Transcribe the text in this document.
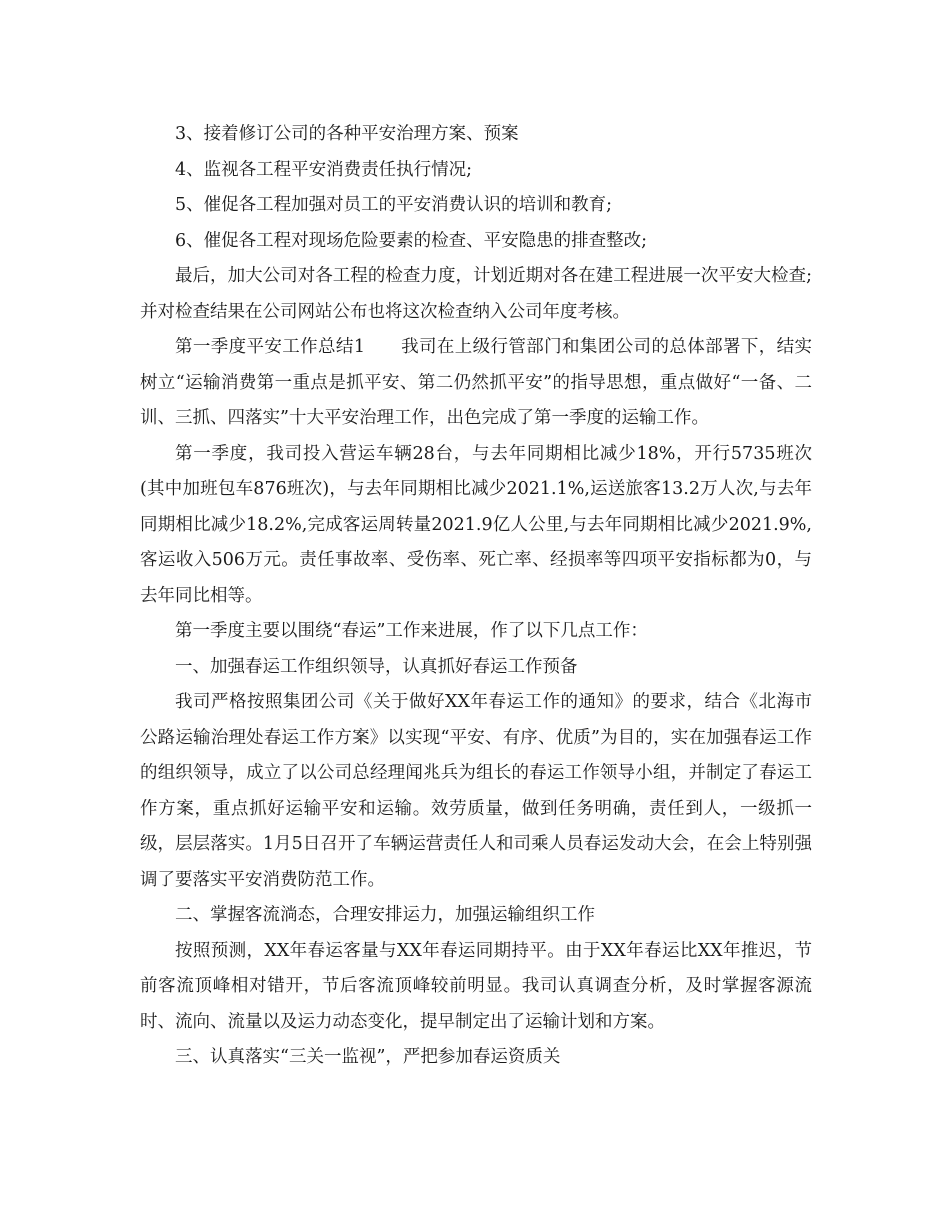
3、接着修订公司的各种平安治理方案、预案

4、监视各工程平安消费责任执行情况;

5、催促各工程加强对员工的平安消费认识的培训和教育;

6、催促各工程对现场危险要素的检查、平安隐患的排查整改;

最后，加大公司对各工程的检查力度，计划近期对各在建工程进展一次平安大检查;并对检查结果在公司网站公布也将这次检查纳入公司年度考核。

第一季度平安工作总结1　　我司在上级行管部门和集团公司的总体部署下，结实树立“运输消费第一重点是抓平安、第二仍然抓平安”的指导思想，重点做好“一备、二训、三抓、四落实”十大平安治理工作，出色完成了第一季度的运输工作。

第一季度，我司投入营运车辆28台，与去年同期相比减少18%，开行5735班次(其中加班包车876班次)，与去年同期相比减少2021.1%,运送旅客13.2万人次,与去年同期相比减少18.2%,完成客运周转量2021.9亿人公里,与去年同期相比减少2021.9%,客运收入506万元。责任事故率、受伤率、死亡率、经损率等四项平安指标都为0，与去年同比相等。

第一季度主要以围绕“春运”工作来进展，作了以下几点工作：

一、加强春运工作组织领导，认真抓好春运工作预备

我司严格按照集团公司《关于做好XX年春运工作的通知》的要求，结合《北海市公路运输治理处春运工作方案》以实现“平安、有序、优质”为目的，实在加强春运工作的组织领导，成立了以公司总经理闻兆兵为组长的春运工作领导小组，并制定了春运工作方案，重点抓好运输平安和运输。效劳质量，做到任务明确，责任到人，一级抓一级，层层落实。1月5日召开了车辆运营责任人和司乘人员春运发动大会，在会上特别强调了要落实平安消费防范工作。

二、掌握客流淌态，合理安排运力，加强运输组织工作

按照预测，XX年春运客量与XX年春运同期持平。由于XX年春运比XX年推迟，节前客流顶峰相对错开，节后客流顶峰较前明显。我司认真调查分析，及时掌握客源流时、流向、流量以及运力动态变化，提早制定出了运输计划和方案。

三、认真落实“三关一监视”，严把参加春运资质关
